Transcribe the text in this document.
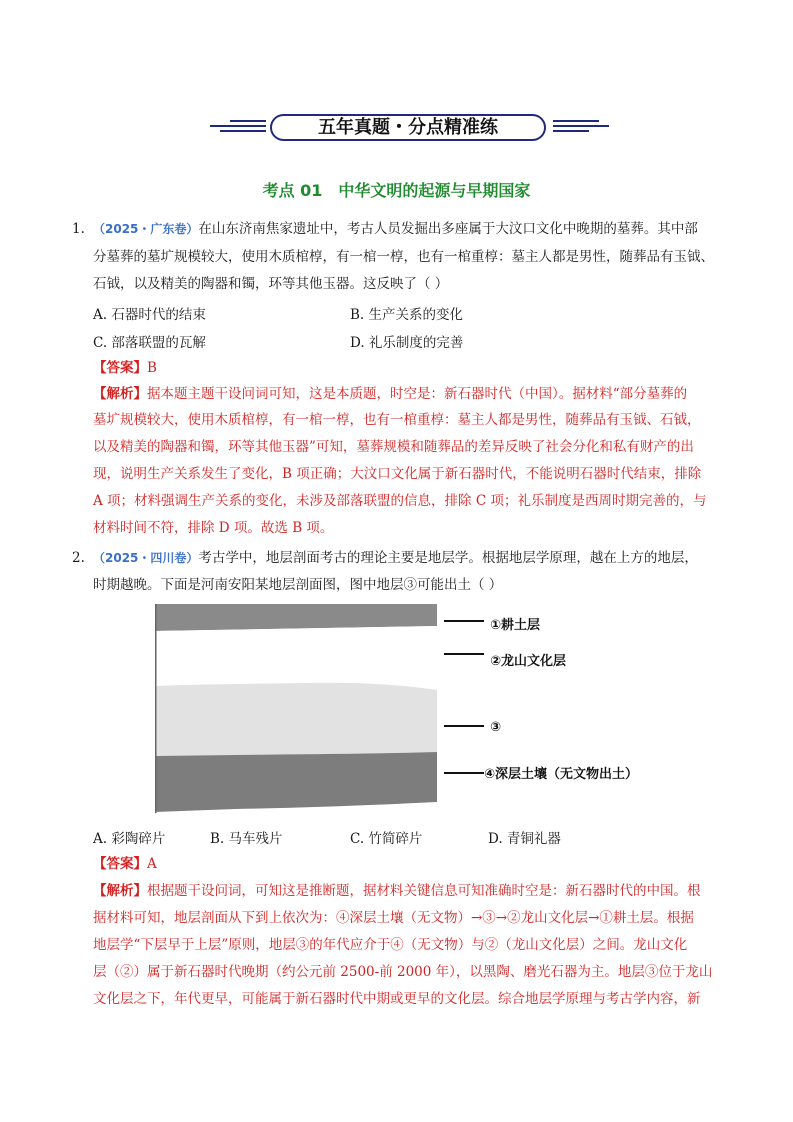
五年真题・分点精准练
考点 01　中华文明的起源与早期国家
1. （2025・广东卷）在山东济南焦家遗址中，考古人员发掘出多座属于大汶口文化中晚期的墓葬。其中部
分墓葬的墓圹规模较大，使用木质棺椁，有一棺一椁，也有一棺重椁：墓主人都是男性，随葬品有玉钺、
石钺，以及精美的陶器和镯，环等其他玉器。这反映了（ ）
A. 石器时代的结束	B. 生产关系的变化
C. 部落联盟的瓦解	D. 礼乐制度的完善
【答案】B
【解析】据本题主题干设问词可知，这是本质题，时空是：新石器时代（中国）。据材料“部分墓葬的
墓圹规模较大，使用木质棺椁，有一棺一椁，也有一棺重椁：墓主人都是男性，随葬品有玉钺、石钺，
以及精美的陶器和镯，环等其他玉器”可知，墓葬规模和随葬品的差异反映了社会分化和私有财产的出
现，说明生产关系发生了变化，B 项正确；大汶口文化属于新石器时代，不能说明石器时代结束，排除
A 项；材料强调生产关系的变化，未涉及部落联盟的信息，排除 C 项；礼乐制度是西周时期完善的，与
材料时间不符，排除 D 项。故选 B 项。
2. （2025・四川卷）考古学中，地层剖面考古的理论主要是地层学。根据地层学原理，越在上方的地层，
时期越晚。下面是河南安阳某地层剖面图，图中地层③可能出土（ ）
①耕土层
②龙山文化层
③
④深层土壤（无文物出土）
A. 彩陶碎片	B. 马车残片	C. 竹简碎片	D. 青铜礼器
【答案】A
【解析】根据题干设问词，可知这是推断题，据材料关键信息可知准确时空是：新石器时代的中国。根
据材料可知，地层剖面从下到上依次为：④深层土壤（无文物）→③→②龙山文化层→①耕土层。根据
地层学“下层早于上层”原则，地层③的年代应介于④（无文物）与②（龙山文化层）之间。龙山文化
层（②）属于新石器时代晚期（约公元前 2500-前 2000 年），以黑陶、磨光石器为主。地层③位于龙山
文化层之下，年代更早，可能属于新石器时代中期或更早的文化层。综合地层学原理与考古学内容，新
